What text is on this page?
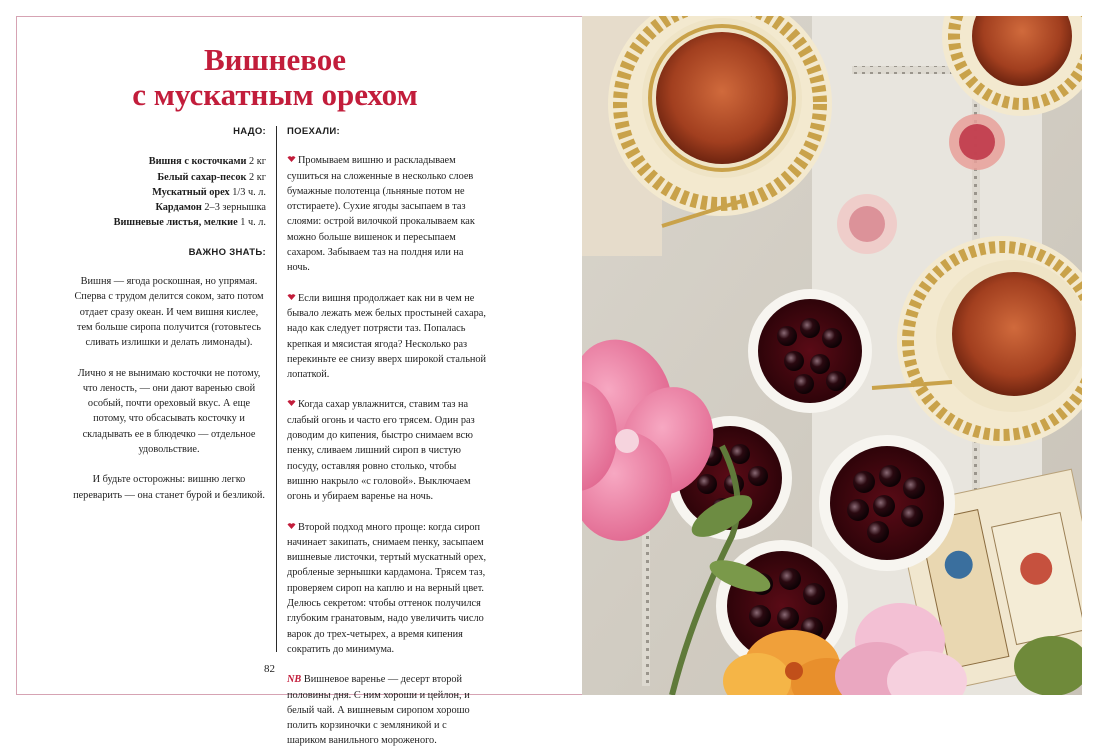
Вишневое
с мускатным орехом
НАДО:
Вишня с косточками 2 кг
Белый сахар-песок 2 кг
Мускатный орех 1/3 ч. л.
Кардамон 2–3 зернышка
Вишневые листья, мелкие 1 ч. л.
ВАЖНО ЗНАТЬ:

Вишня — ягода роскошная, но упрямая. Сперва с трудом делится соком, зато потом отдает сразу океан. И чем вишня кислее, тем больше сиропа получится (готовьтесь сливать излишки и делать лимонады).

Лично я не вынимаю косточки не потому, что леность, — они дают варенью свой особый, почти ореховый вкус. А еще потому, что обсасывать косточку и складывать ее в блюдечко — отдельное удовольствие.

И будьте осторожны: вишню легко переварить — она станет бурой и безликой.

ПОЕХАЛИ:

Промываем вишню и раскладываем сушиться на сложенные в несколько слоев бумажные полотенца (льняные потом не отстираете). Сухие ягоды засыпаем в таз слоями: острой вилочкой прокалываем как можно больше вишенок и пересыпаем сахаром. Забываем таз на полдня или на ночь.

Если вишня продолжает как ни в чем не бывало лежать меж белых простыней сахара, надо как следует потрясти таз. Попалась крепкая и мясистая ягода? Несколько раз перекиньте ее снизу вверх широкой стальной лопаткой.

Когда сахар увлажнится, ставим таз на слабый огонь и часто его трясем. Один раз доводим до кипения, быстро снимаем всю пенку, сливаем лишний сироп в чистую посуду, оставляя ровно столько, чтобы вишню накрыло «с головой». Выключаем огонь и убираем варенье на ночь.

Второй подход много проще: когда сироп начинает закипать, снимаем пенку, засыпаем вишневые листочки, тертый мускатный орех, дробленые зернышки кардамона. Трясем таз, проверяем сироп на каплю и на верный цвет. Делюсь секретом: чтобы оттенок получился глубоким гранатовым, надо увеличить число варок до трех-четырех, а время кипения сократить до минимума.

NB Вишневое варенье — десерт второй половины дня. С ним хороши и цейлон, и белый чай. А вишневым сиропом хорошо полить корзиночки с земляникой и с шариком ванильного мороженого.

82
